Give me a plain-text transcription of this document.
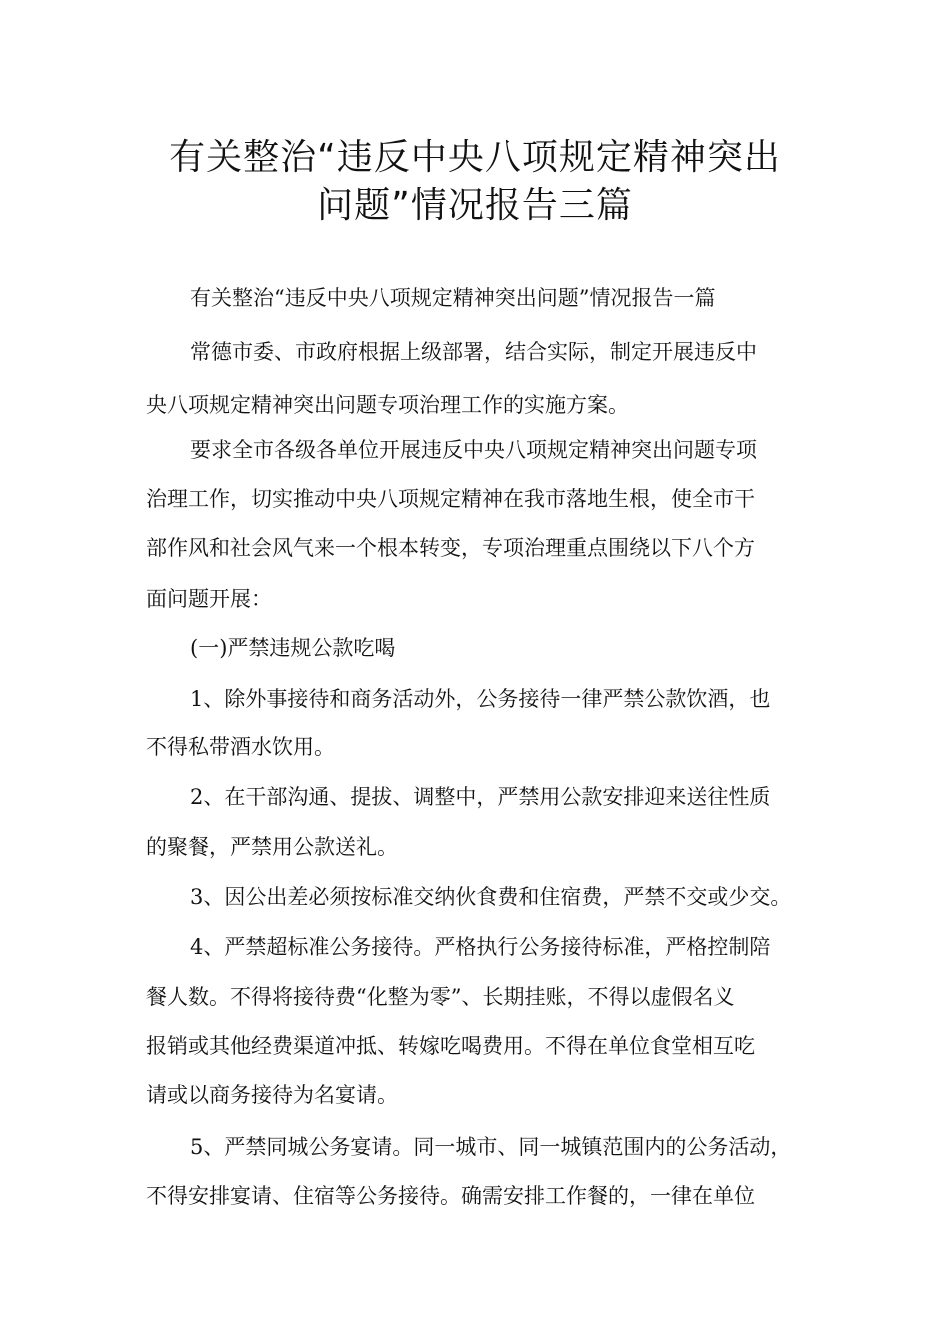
有关整治“违反中央八项规定精神突出
问题”情况报告三篇
有关整治“违反中央八项规定精神突出问题”情况报告一篇
常德市委、市政府根据上级部署，结合实际，制定开展违反中
央八项规定精神突出问题专项治理工作的实施方案。
要求全市各级各单位开展违反中央八项规定精神突出问题专项
治理工作，切实推动中央八项规定精神在我市落地生根，使全市干
部作风和社会风气来一个根本转变，专项治理重点围绕以下八个方
面问题开展：
(一)严禁违规公款吃喝
1、除外事接待和商务活动外，公务接待一律严禁公款饮酒，也
不得私带酒水饮用。
2、在干部沟通、提拔、调整中，严禁用公款安排迎来送往性质
的聚餐，严禁用公款送礼。
3、因公出差必须按标准交纳伙食费和住宿费，严禁不交或少交。
4、严禁超标准公务接待。严格执行公务接待标准，严格控制陪
餐人数。不得将接待费“化整为零”、长期挂账，不得以虚假名义
报销或其他经费渠道冲抵、转嫁吃喝费用。不得在单位食堂相互吃
请或以商务接待为名宴请。
5、严禁同城公务宴请。同一城市、同一城镇范围内的公务活动，
不得安排宴请、住宿等公务接待。确需安排工作餐的，一律在单位
